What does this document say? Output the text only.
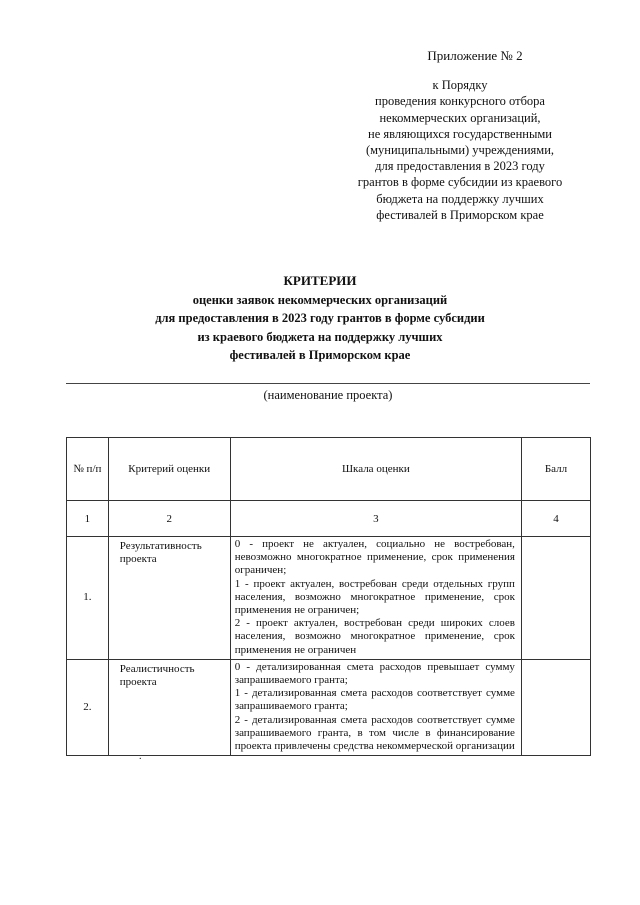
Приложение № 2
к Порядку
проведения конкурсного отбора
некоммерческих организаций,
не являющихся государственными
(муниципальными) учреждениями,
для предоставления в 2023 году
грантов в форме субсидии из краевого
бюджета на поддержку лучших
фестивалей в Приморском крае
КРИТЕРИИ
оценки заявок некоммерческих организаций
для предоставления в 2023 году грантов в форме субсидии
из краевого бюджета на поддержку лучших
фестивалей в Приморском крае
(наименование проекта)
№ п/п	Критерий оценки	Шкала оценки	Балл
1	2	3	4
1.	Результативность проекта	0 - проект не актуален, социально не востребован, невозможно многократное применение, срок применения ограничен;
1 - проект актуален, востребован среди отдельных групп населения, возможно многократное применение, срок применения не ограничен;
2 - проект актуален, востребован среди широких слоев населения, возможно многократное применение, срок применения не ограничен	

2.	Реалистичность проекта	0 - детализированная смета расходов превышает сумму запрашиваемого гранта;
1 - детализированная смета расходов соответствует сумме запрашиваемого гранта;
2 - детализированная смета расходов соответствует сумме запрашиваемого гранта, в том числе в финансирование проекта привлечены средства некоммерческой организации	

.
